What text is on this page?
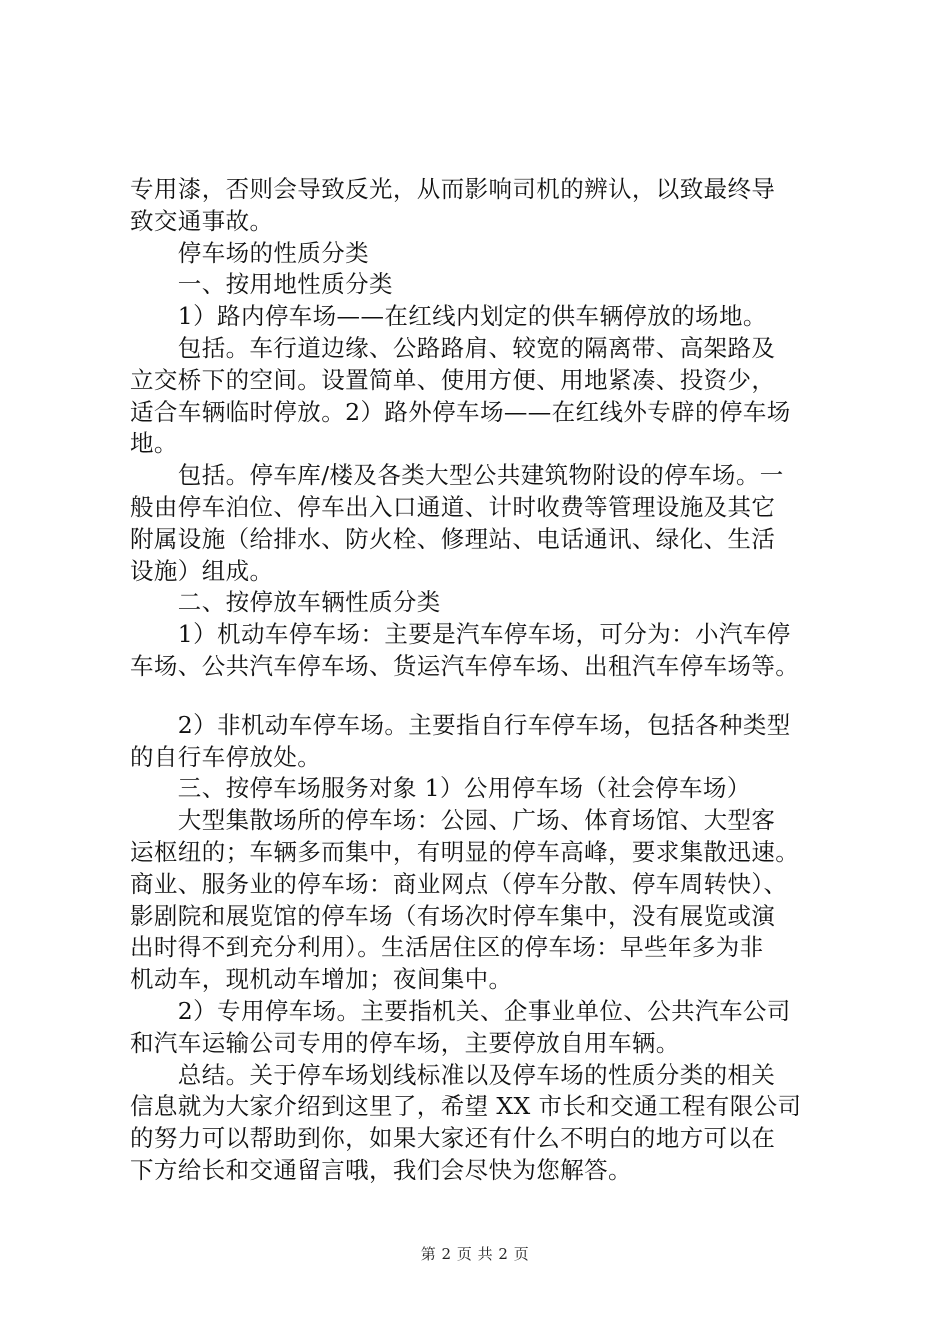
专用漆，否则会导致反光，从而影响司机的辨认，以致最终导
致交通事故。
　　停车场的性质分类
　　一、按用地性质分类
　　1）路内停车场——在红线内划定的供车辆停放的场地。
　　包括。车行道边缘、公路路肩、较宽的隔离带、高架路及
立交桥下的空间。设置简单、使用方便、用地紧凑、投资少，
适合车辆临时停放。2）路外停车场——在红线外专辟的停车场
地。
　　包括。停车库/楼及各类大型公共建筑物附设的停车场。一
般由停车泊位、停车出入口通道、计时收费等管理设施及其它
附属设施（给排水、防火栓、修理站、电话通讯、绿化、生活
设施）组成。
　　二、按停放车辆性质分类
　　1）机动车停车场：主要是汽车停车场，可分为：小汽车停
车场、公共汽车停车场、货运汽车停车场、出租汽车停车场等。
　　2）非机动车停车场。主要指自行车停车场，包括各种类型
的自行车停放处。
　　三、按停车场服务对象 1）公用停车场（社会停车场）
　　大型集散场所的停车场：公园、广场、体育场馆、大型客
运枢纽的；车辆多而集中，有明显的停车高峰，要求集散迅速。
商业、服务业的停车场：商业网点（停车分散、停车周转快）、
影剧院和展览馆的停车场（有场次时停车集中，没有展览或演
出时得不到充分利用）。生活居住区的停车场：早些年多为非
机动车，现机动车增加；夜间集中。
　　2）专用停车场。主要指机关、企事业单位、公共汽车公司
和汽车运输公司专用的停车场，主要停放自用车辆。
　　总结。关于停车场划线标准以及停车场的性质分类的相关
信息就为大家介绍到这里了，希望 XX 市长和交通工程有限公司
的努力可以帮助到你，如果大家还有什么不明白的地方可以在
下方给长和交通留言哦，我们会尽快为您解答。
第 2 页 共 2 页
